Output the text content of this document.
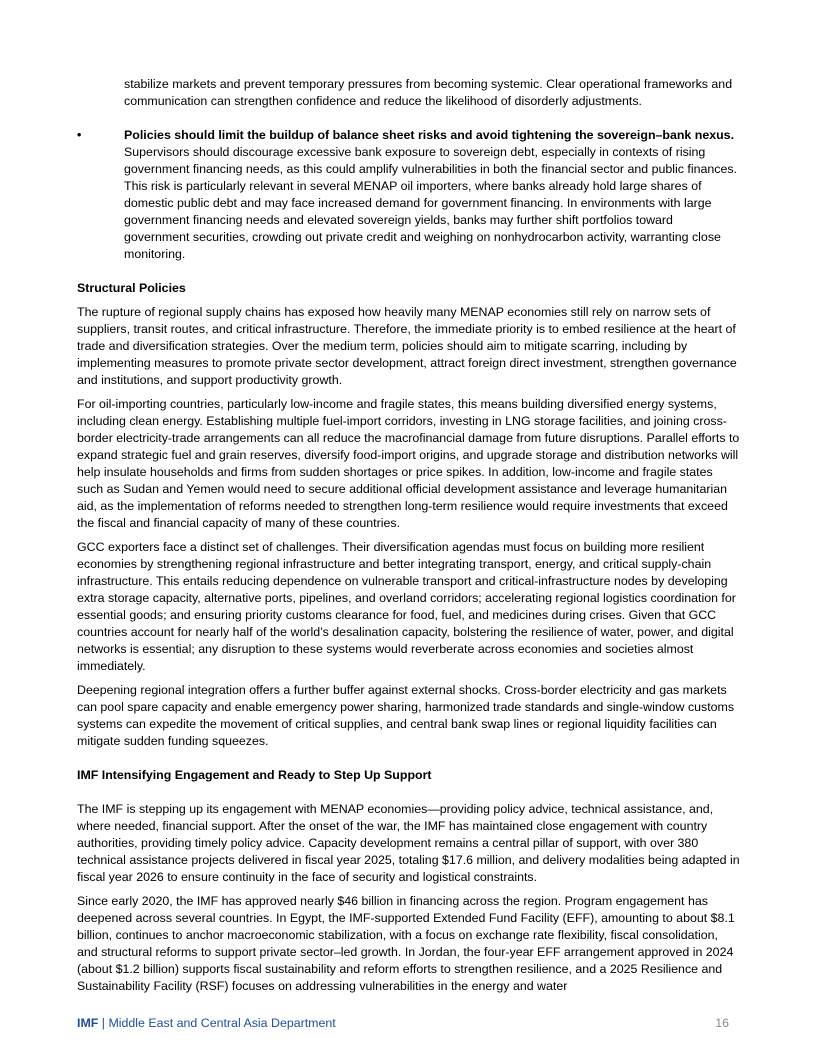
stabilize markets and prevent temporary pressures from becoming systemic. Clear operational frameworks and communication can strengthen confidence and reduce the likelihood of disorderly adjustments.

•	Policies should limit the buildup of balance sheet risks and avoid tightening the sovereign–bank nexus. Supervisors should discourage excessive bank exposure to sovereign debt, especially in contexts of rising government financing needs, as this could amplify vulnerabilities in both the financial sector and public finances. This risk is particularly relevant in several MENAP oil importers, where banks already hold large shares of domestic public debt and may face increased demand for government financing. In environments with large government financing needs and elevated sovereign yields, banks may further shift portfolios toward government securities, crowding out private credit and weighing on nonhydrocarbon activity, warranting close monitoring.

Structural Policies

The rupture of regional supply chains has exposed how heavily many MENAP economies still rely on narrow sets of suppliers, transit routes, and critical infrastructure. Therefore, the immediate priority is to embed resilience at the heart of trade and diversification strategies. Over the medium term, policies should aim to mitigate scarring, including by implementing measures to promote private sector development, attract foreign direct investment, strengthen governance and institutions, and support productivity growth.

For oil-importing countries, particularly low-income and fragile states, this means building diversified energy systems, including clean energy. Establishing multiple fuel-import corridors, investing in LNG storage facilities, and joining cross-border electricity-trade arrangements can all reduce the macrofinancial damage from future disruptions. Parallel efforts to expand strategic fuel and grain reserves, diversify food-import origins, and upgrade storage and distribution networks will help insulate households and firms from sudden shortages or price spikes. In addition, low-income and fragile states such as Sudan and Yemen would need to secure additional official development assistance and leverage humanitarian aid, as the implementation of reforms needed to strengthen long-term resilience would require investments that exceed the fiscal and financial capacity of many of these countries.

GCC exporters face a distinct set of challenges. Their diversification agendas must focus on building more resilient economies by strengthening regional infrastructure and better integrating transport, energy, and critical supply-chain infrastructure. This entails reducing dependence on vulnerable transport and critical-infrastructure nodes by developing extra storage capacity, alternative ports, pipelines, and overland corridors; accelerating regional logistics coordination for essential goods; and ensuring priority customs clearance for food, fuel, and medicines during crises. Given that GCC countries account for nearly half of the world’s desalination capacity, bolstering the resilience of water, power, and digital networks is essential; any disruption to these systems would reverberate across economies and societies almost immediately.

Deepening regional integration offers a further buffer against external shocks. Cross-border electricity and gas markets can pool spare capacity and enable emergency power sharing, harmonized trade standards and single-window customs systems can expedite the movement of critical supplies, and central bank swap lines or regional liquidity facilities can mitigate sudden funding squeezes.

IMF Intensifying Engagement and Ready to Step Up Support

The IMF is stepping up its engagement with MENAP economies—providing policy advice, technical assistance, and, where needed, financial support. After the onset of the war, the IMF has maintained close engagement with country authorities, providing timely policy advice. Capacity development remains a central pillar of support, with over 380 technical assistance projects delivered in fiscal year 2025, totaling $17.6 million, and delivery modalities being adapted in fiscal year 2026 to ensure continuity in the face of security and logistical constraints.

Since early 2020, the IMF has approved nearly $46 billion in financing across the region. Program engagement has deepened across several countries. In Egypt, the IMF-supported Extended Fund Facility (EFF), amounting to about $8.1 billion, continues to anchor macroeconomic stabilization, with a focus on exchange rate flexibility, fiscal consolidation, and structural reforms to support private sector–led growth. In Jordan, the four-year EFF arrangement approved in 2024 (about $1.2 billion) supports fiscal sustainability and reform efforts to strengthen resilience, and a 2025 Resilience and Sustainability Facility (RSF) focuses on addressing vulnerabilities in the energy and water

IMF | Middle East and Central Asia Department	16
